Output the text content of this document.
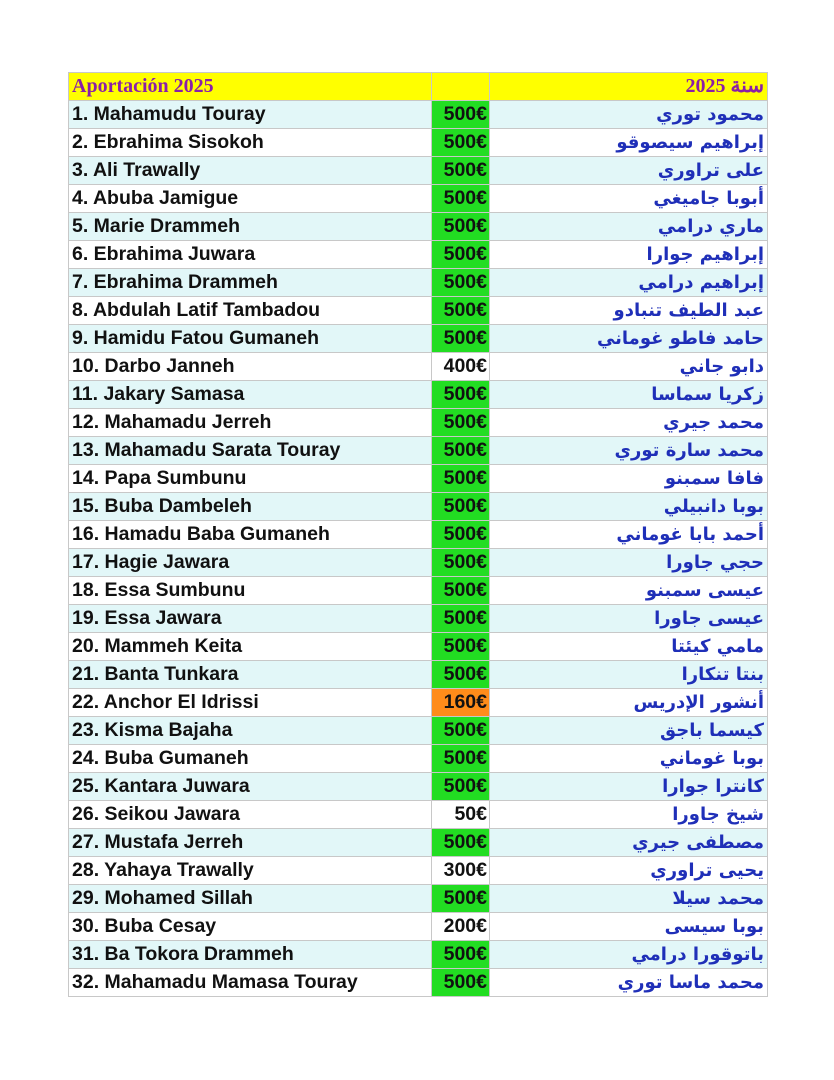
Aportación 2025		سنة 2025
1. Mahamudu Touray	500€	محمود توري
2. Ebrahima Sisokoh	500€	إبراهيم سيصوقو
3. Ali Trawally	500€	على تراوري
4. Abuba Jamigue	500€	أبوبا جاميغي
5. Marie Drammeh	500€	ماري درامي
6. Ebrahima Juwara	500€	إبراهيم جوارا
7. Ebrahima Drammeh	500€	إبراهيم درامي
8. Abdulah Latif Tambadou	500€	عبد الطيف تنبادو
9. Hamidu Fatou Gumaneh	500€	حامد فاطو غوماني
10. Darbo Janneh	400€	دابو جاني
11. Jakary Samasa	500€	زكريا سماسا
12. Mahamadu Jerreh	500€	محمد جيري
13. Mahamadu Sarata Touray	500€	محمد سارة توري
14. Papa Sumbunu	500€	فافا سمبنو
15. Buba Dambeleh	500€	بوبا دانبيلي
16. Hamadu Baba Gumaneh	500€	أحمد بابا غوماني
17. Hagie Jawara	500€	حجي جاورا
18. Essa Sumbunu	500€	عيسى سمبنو
19. Essa Jawara	500€	عيسى جاورا
20. Mammeh Keita	500€	مامي كيئتا
21. Banta Tunkara	500€	بنتا تنكارا
22. Anchor El Idrissi	160€	أنشور الإدريس
23. Kisma Bajaha	500€	كيسما باجق
24. Buba Gumaneh	500€	بوبا غوماني
25. Kantara Juwara	500€	كانترا جوارا
26. Seikou Jawara	50€	شيخ جاورا
27. Mustafa Jerreh	500€	مصطفى جيري
28. Yahaya Trawally	300€	يحيى تراوري
29. Mohamed Sillah	500€	محمد سيلا
30. Buba Cesay	200€	بوبا سيسى
31. Ba Tokora Drammeh	500€	باتوقورا درامي
32. Mahamadu Mamasa Touray	500€	محمد ماسا توري
